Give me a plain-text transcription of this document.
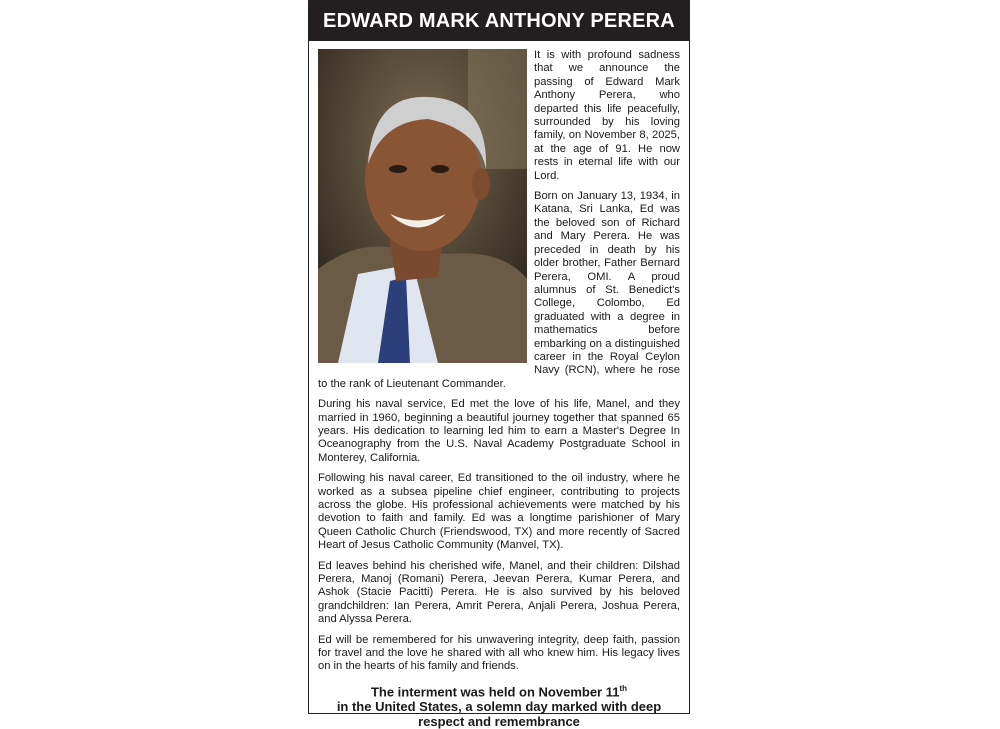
EDWARD MARK ANTHONY PERERA

It is with profound sadness that we announce the passing of Edward Mark Anthony Perera, who departed this life peacefully, surrounded by his loving family, on November 8, 2025, at the age of 91. He now rests in eternal life with our Lord.

Born on January 13, 1934, in Katana, Sri Lanka, Ed was the beloved son of Richard and Mary Perera. He was preceded in death by his older brother, Father Bernard Perera, OMI. A proud alumnus of St. Benedict's College, Colombo, Ed graduated with a degree in mathematics before embarking on a distinguished career in the Royal Ceylon Navy (RCN), where he rose to the rank of Lieutenant Commander.

During his naval service, Ed met the love of his life, Manel, and they married in 1960, beginning a beautiful journey together that spanned 65 years. His dedication to learning led him to earn a Master's Degree In Oceanography from the U.S. Naval Academy Postgraduate School in Monterey, California.

Following his naval career, Ed transitioned to the oil industry, where he worked as a subsea pipeline chief engineer, contributing to projects across the globe. His professional achievements were matched by his devotion to faith and family. Ed was a longtime parishioner of Mary Queen Catholic Church (Friendswood, TX) and more recently of Sacred Heart of Jesus Catholic Community (Manvel, TX).

Ed leaves behind his cherished wife, Manel, and their children: Dilshad Perera, Manoj (Romani) Perera, Jeevan Perera, Kumar Perera, and Ashok (Stacie Pacitti) Perera. He is also survived by his beloved grandchildren: Ian Perera, Amrit Perera, Anjali Perera, Joshua Perera, and Alyssa Perera.

Ed will be remembered for his unwavering integrity, deep faith, passion for travel and the love he shared with all who knew him. His legacy lives on in the hearts of his family and friends.

The interment was held on November 11th
in the United States, a solemn day marked with deep respect and remembrance
